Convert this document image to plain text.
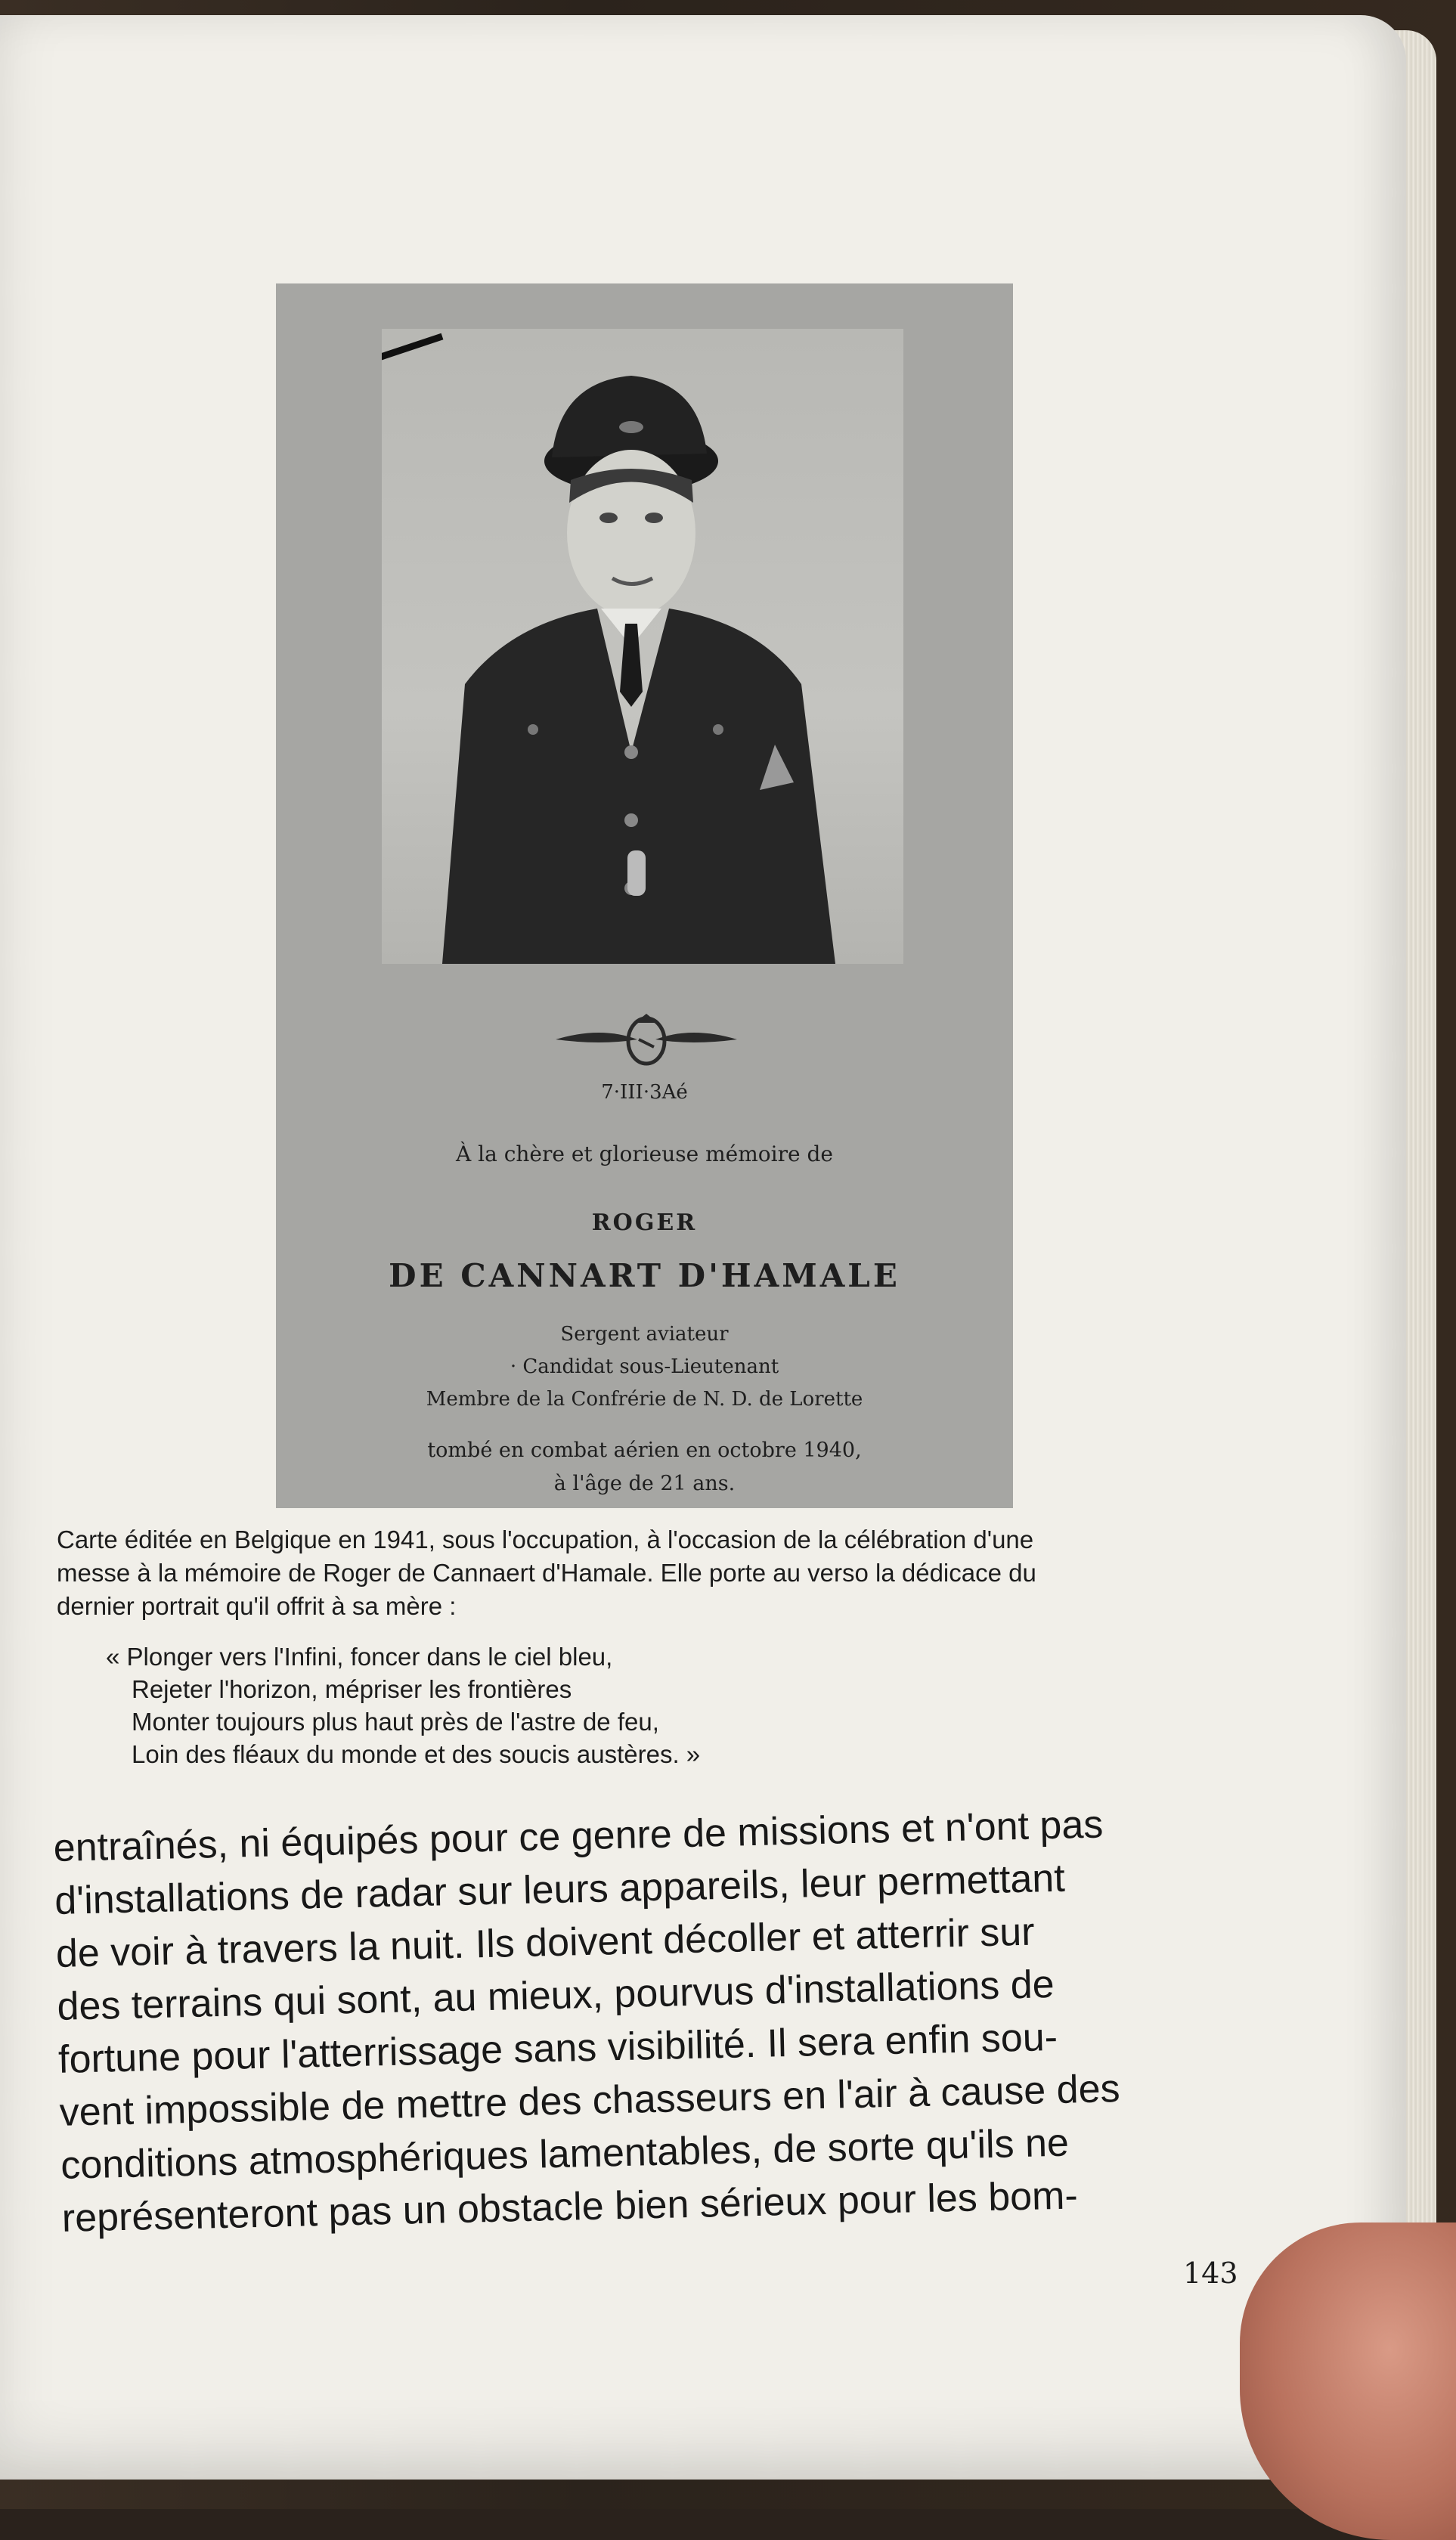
7·III·3Aé
À la chère et glorieuse mémoire de
ROGER
DE CANNART D'HAMALE
Sergent aviateur
· Candidat sous-Lieutenant
Membre de la Confrérie de N. D. de Lorette
tombé en combat aérien en octobre 1940,
à l'âge de 21 ans.
Carte éditée en Belgique en 1941, sous l'occupation, à l'occasion de la célébration d'une
messe à la mémoire de Roger de Cannaert d'Hamale. Elle porte au verso la dédicace du
dernier portrait qu'il offrit à sa mère :
« Plonger vers l'Infini, foncer dans le ciel bleu,
Rejeter l'horizon, mépriser les frontières
Monter toujours plus haut près de l'astre de feu,
Loin des fléaux du monde et des soucis austères. »
entraînés, ni équipés pour ce genre de missions et n'ont pas
d'installations de radar sur leurs appareils, leur permettant
de voir à travers la nuit. Ils doivent décoller et atterrir sur
des terrains qui sont, au mieux, pourvus d'installations de
fortune pour l'atterrissage sans visibilité. Il sera enfin sou-
vent impossible de mettre des chasseurs en l'air à cause des
conditions atmosphériques lamentables, de sorte qu'ils ne
représenteront pas un obstacle bien sérieux pour les bom-
143
